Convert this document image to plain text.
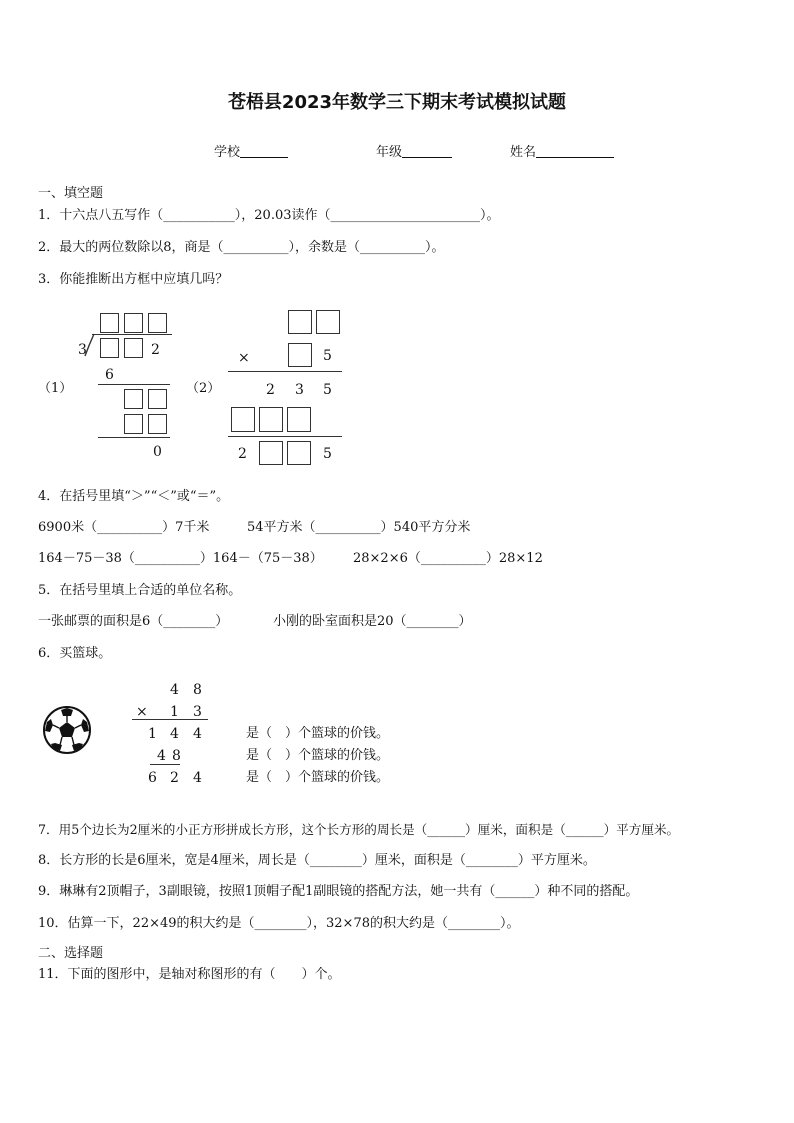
苍梧县2023年数学三下期末考试模拟试题
学校	年级	姓名
一、填空题
1．十六点八五写作（___________），20.03读作（_______________________）。
2．最大的两位数除以8，商是（__________），余数是（__________）。
3．你能推断出方框中应填几吗？
（1）
3	2
6
0
（2）
×	5
2 3 5
2	5
4．在括号里填“＞”“＜”或“＝”。
6900米（__________）7千米	54平方米（__________）540平方分米
164－75－38（__________）164－（75－38） 28×2×6（__________）28×12
5．在括号里填上合适的单位名称。
一张邮票的面积是6（________）	小刚的卧室面积是20（________）
6．买篮球。
4 8
× 1 3
1 4 4
4 8
6 2 4
是（　）个篮球的价钱。
是（　）个篮球的价钱。
是（　）个篮球的价钱。
7．用5个边长为2厘米的小正方形拼成长方形，这个长方形的周长是（______）厘米，面积是（______）平方厘米。
8．长方形的长是6厘米，宽是4厘米，周长是（________）厘米，面积是（________）平方厘米。
9．琳琳有2顶帽子，3副眼镜，按照1顶帽子配1副眼镜的搭配方法，她一共有（______）种不同的搭配。
10．估算一下，22×49的积大约是（________），32×78的积大约是（________）。
二、选择题
11．下面的图形中，是轴对称图形的有（　　）个。
